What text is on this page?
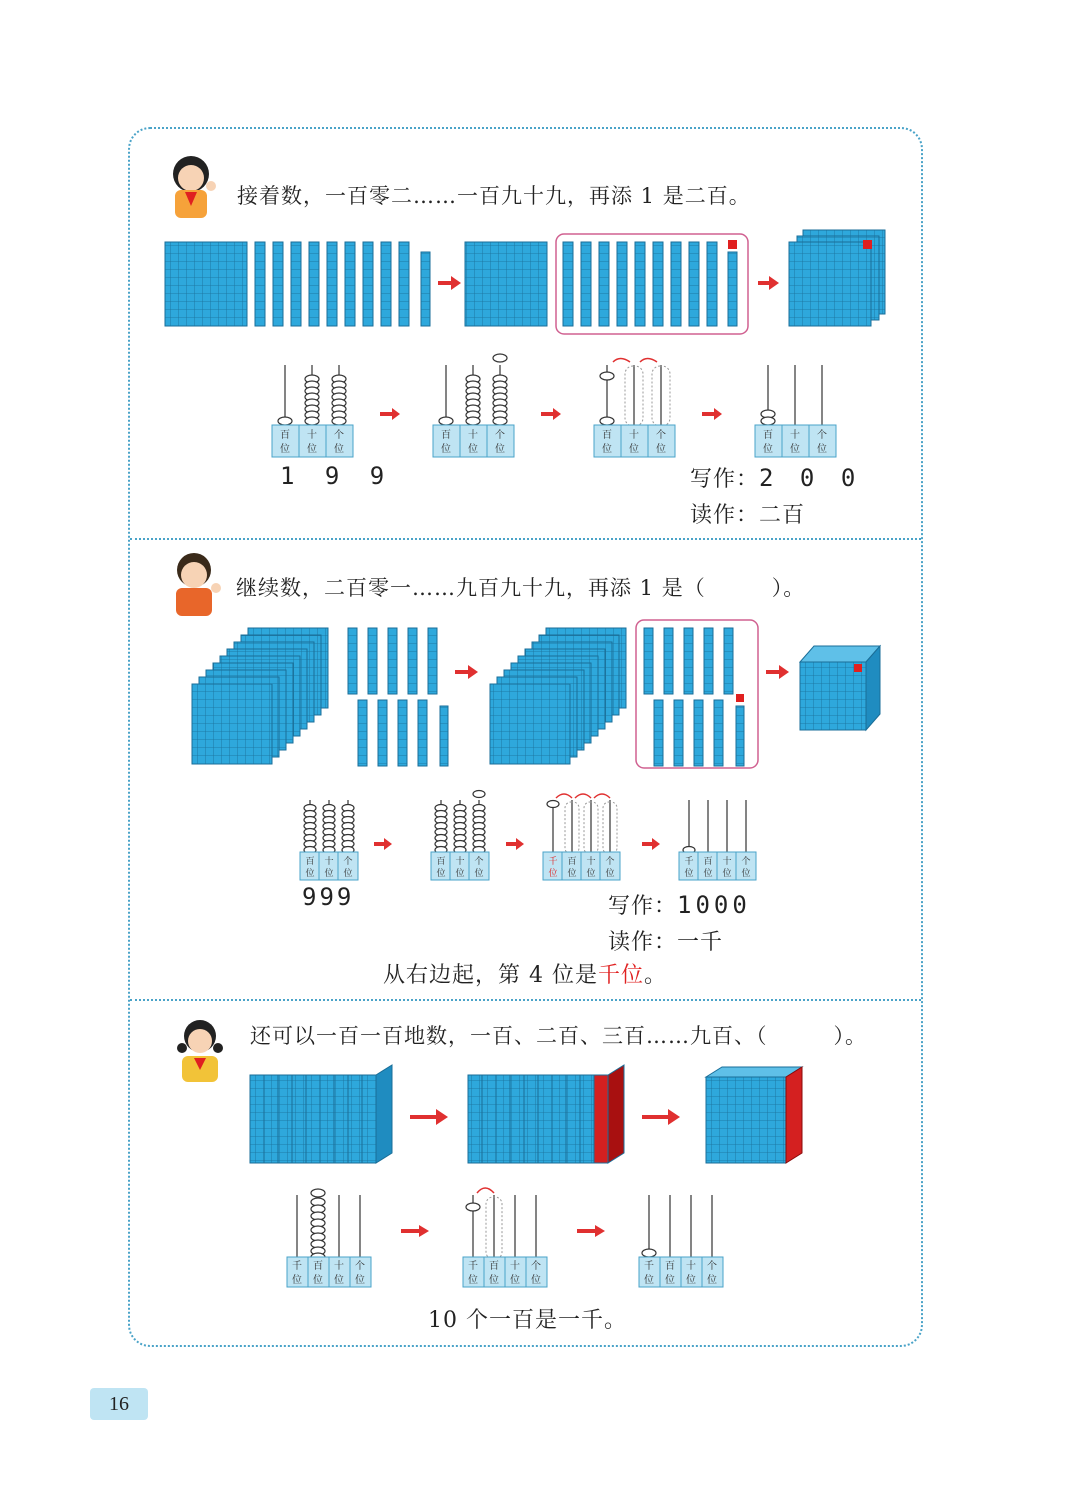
接着数，一百零二……一百九十九，再添 1 是二百。
百
位
十
位
个
位
百
位
十
位
个
位
百
位
十
位
个
位
百
位
十
位
个
位
1 9 9	写作：2 0 0
读作：二百
继续数，二百零一……九百九十九，再添 1 是（　　　）。
百
位
十
位
个
位
百
位
十
位
个
位
千
位
百
位
十
位
个
位
千
位
百
位
十
位
个
位
999	写作：1000
读作：一千
从右边起，第 4 位是千位。
还可以一百一百地数，一百、二百、三百……九百、（　　　）。
千
位
百
位
十
位
个
位
千
位
百
位
十
位
个
位
千
位
百
位
十
位
个
位
10 个一百是一千。
16
